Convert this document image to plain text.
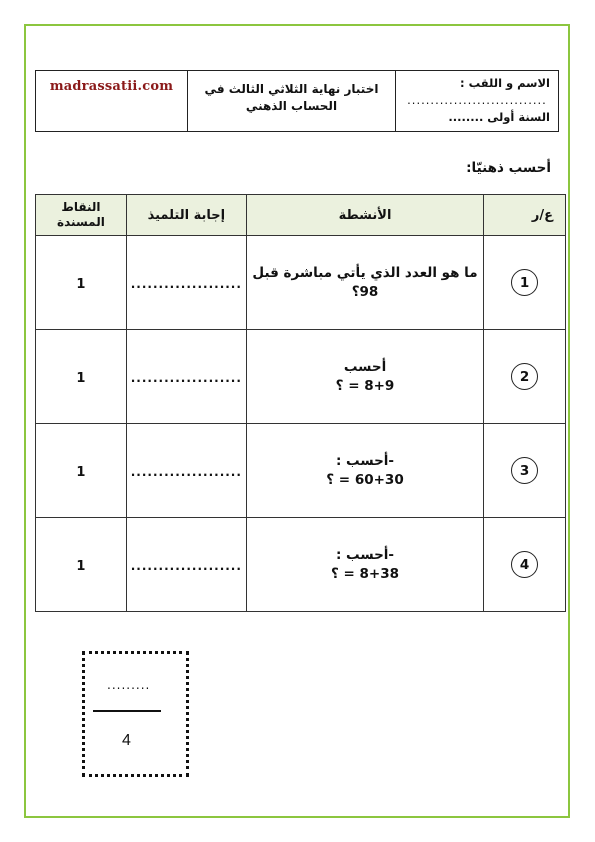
madrassatii.com	اختبار نهاية الثلاثي الثالث في
الحساب الذهني
الاسم و اللقب :
..............................
السنة أولى ........
أحسب ذهنيّا:
ع/ر	الأنشطة	إجابة التلميذ	النقاط المسندة
1	ما هو العدد الذي يأتي مباشرة قبل
98؟	....................	1
2	أحسب
8+9 = ؟	....................	1
3	-أحسب :
60+30 = ؟	....................	1
4	-أحسب :
8+38 = ؟	....................	1
.........
4
